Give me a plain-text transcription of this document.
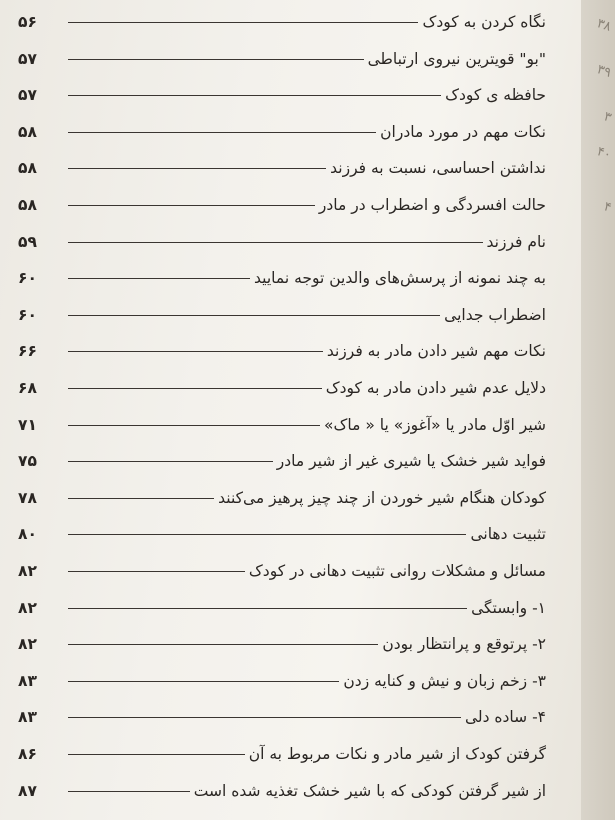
نگاه کردن به کودک
۵۶
"بو" قویترین نیروی ارتباطی
۵۷
حافظه ی کودک
۵۷
نکات مهم در مورد مادران
۵۸
نداشتن احساسی، نسبت به فرزند
۵۸
حالت افسردگی و اضطراب در مادر
۵۸
نام فرزند
۵۹
به چند نمونه از پرسش‌های والدین توجه نمایید
۶۰
اضطراب جدایی
۶۰
نکات مهم شیر دادن مادر به فرزند
۶۶
دلایل عدم شیر دادن مادر به کودک
۶۸
شیر اوّل مادر یا «آغوز» یا « ماک»
۷۱
فواید شیر خشک یا شیری غیر از شیر مادر
۷۵
کودکان هنگام شیر خوردن از چند چیز پرهیز می‌کنند
۷۸
تثبیت دهانی
۸۰
مسائل و مشکلات روانی تثبیت دهانی در کودک
۸۲
۱- وابستگی
۸۲
۲- پرتوقع و پرانتظار بودن
۸۲
۳- زخم زبان و نیش و کنایه زدن
۸۳
۴- ساده دلی
۸۳
گرفتن کودک از شیر مادر و نکات مربوط به آن
۸۶
از شیر گرفتن کودکی که با شیر خشک تغذیه شده است
۸۷
۳۸
۳۹
۳
۴۰
۴
